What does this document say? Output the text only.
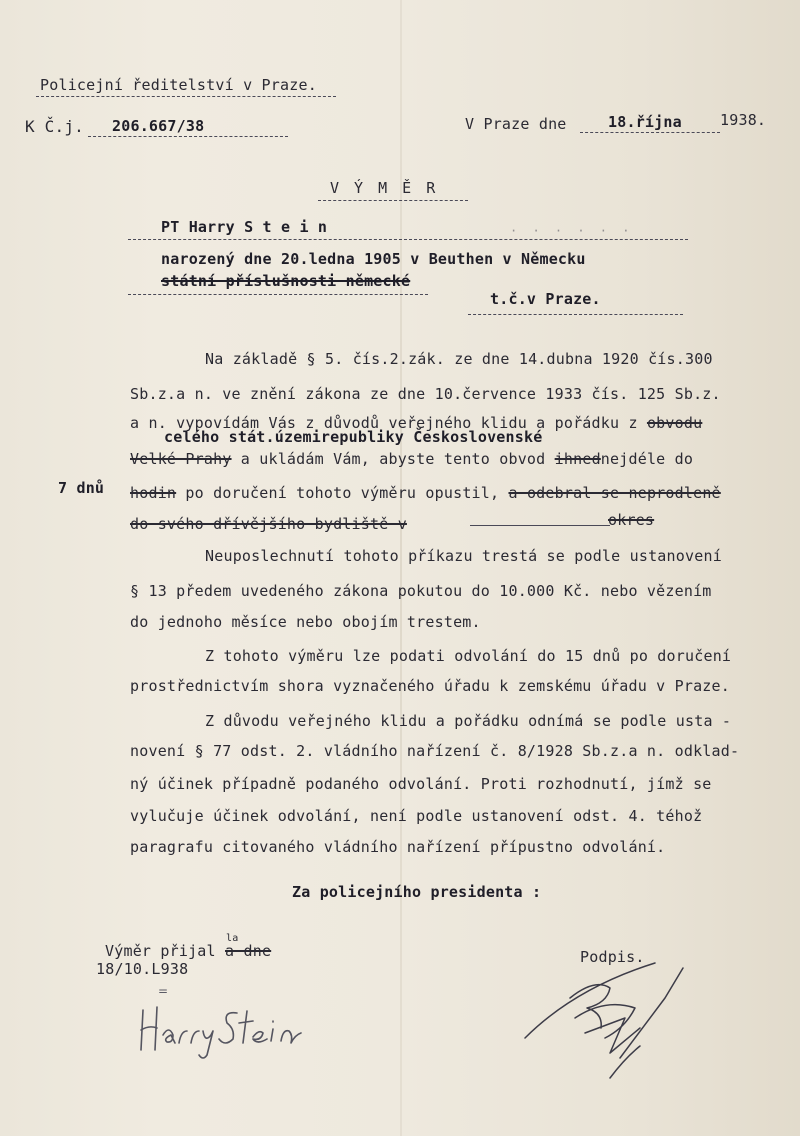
Policejní ředitelství v Praze.
K Č.j. 206.667/38	V Praze dne	18.října	1938.
V Ý M Ě R
PT Harry S t e i n	· · · · · ·
narozený dne 20.ledna 1905 v Beuthen v Německu
státní příslušnosti německé
t.č.v Praze.
Na základě § 5. čís.2.zák. ze dne 14.dubna 1920 čís.300
Sb.z.a n. ve znění zákona ze dne 10.července 1933 čís. 125 Sb.z.
a n. vypovídám Vás z důvodů veřejného klidu a pořádku z obvodu
celého stát.územirepubliky Československé
7 dnů
Velké Prahy a ukládám Vám, abyste tento obvod ihnednejdéle do
hodin po doručení tohoto výměru opustil, a odebral se neprodleně
do svého dřívějšího bydliště v	okres
Neuposlechnutí tohoto příkazu trestá se podle ustanovení
§ 13 předem uvedeného zákona pokutou do 10.000 Kč. nebo vězením
do jednoho měsíce nebo obojím trestem.
Z tohoto výměru lze podati odvolání do 15 dnů po doručení
prostřednictvím shora vyznačeného úřadu k zemskému úřadu v Praze.
Z důvodu veřejného klidu a pořádku odnímá se podle usta -
novení § 77 odst. 2. vládního nařízení č. 8/1928 Sb.z.a n. odklad-
ný účinek případně podaného odvolání. Proti rozhodnutí, jímž se
vylučuje účinek odvolání, není podle ustanovení odst. 4. téhož
paragrafu citovaného vládního nařízení přípustno odvolání.
Za policejního presidenta :
Výměr přijal a dne
la
18/10.L938
=
Podpis.
